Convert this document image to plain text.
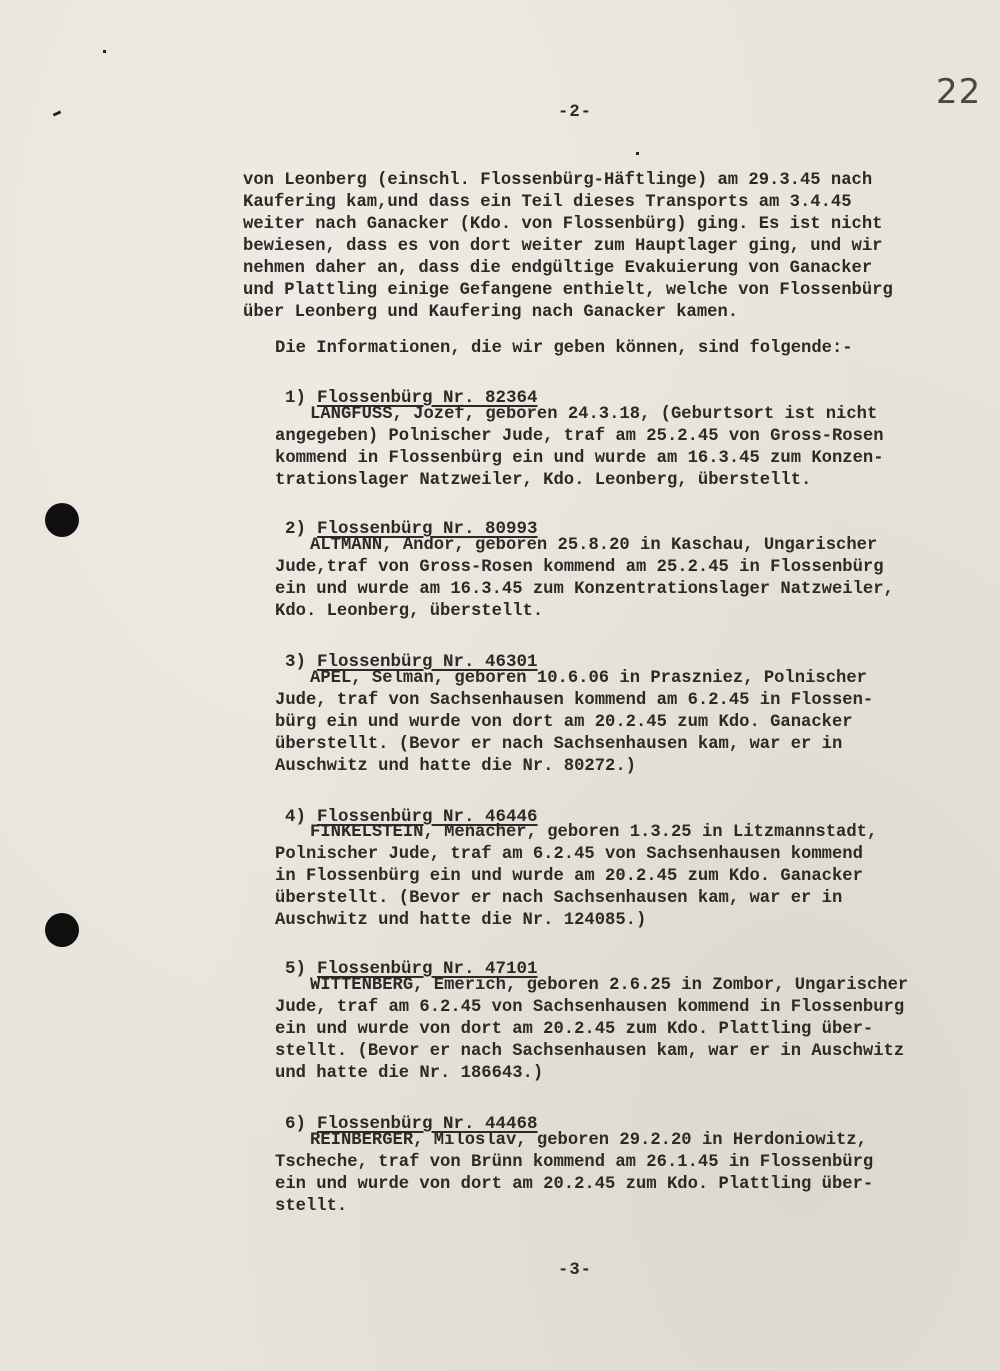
22
-2-

von Leonberg (einschl. Flossenbürg-Häftlinge) am 29.3.45 nach

Kaufering kam,und dass ein Teil dieses Transports am 3.4.45

weiter nach Ganacker (Kdo. von Flossenbürg) ging. Es ist nicht

bewiesen, dass es von dort weiter zum Hauptlager ging, und wir

nehmen daher an, dass die endgültige Evakuierung von Ganacker

und Plattling einige Gefangene enthielt, welche von Flossenbürg

über Leonberg und Kaufering nach Ganacker kamen.

Die Informationen, die wir geben können, sind folgende:-

1) Flossenbürg Nr. 82364

LANGFUSS, Jozef, geboren 24.3.18, (Geburtsort ist nicht

angegeben) Polnischer Jude, traf am 25.2.45 von Gross-Rosen

kommend in Flossenbürg ein und wurde am 16.3.45 zum Konzen-

trationslager Natzweiler, Kdo. Leonberg, überstellt.

2) Flossenbürg Nr. 80993

ALTMANN, Andor, geboren 25.8.20 in Kaschau, Ungarischer

Jude,traf von Gross-Rosen kommend am 25.2.45 in Flossenbürg

ein und wurde am 16.3.45 zum Konzentrationslager Natzweiler,

Kdo. Leonberg, überstellt.

3) Flossenbürg Nr. 46301

APEL, Selman, geboren 10.6.06 in Praszniez, Polnischer

Jude, traf von Sachsenhausen kommend am 6.2.45 in Flossen-

bürg ein und wurde von dort am 20.2.45 zum Kdo. Ganacker

überstellt. (Bevor er nach Sachsenhausen kam, war er in

Auschwitz und hatte die Nr. 80272.)

4) Flossenbürg Nr. 46446

FINKELSTEIN, Menacher, geboren 1.3.25 in Litzmannstadt,

Polnischer Jude, traf am 6.2.45 von Sachsenhausen kommend

in Flossenbürg ein und wurde am 20.2.45 zum Kdo. Ganacker

überstellt. (Bevor er nach Sachsenhausen kam, war er in

Auschwitz und hatte die Nr. 124085.)

5) Flossenbürg Nr. 47101

WITTENBERG, Emerich, geboren 2.6.25 in Zombor, Ungarischer

Jude, traf am 6.2.45 von Sachsenhausen kommend in Flossenburg

ein und wurde von dort am 20.2.45 zum Kdo. Plattling über-

stellt. (Bevor er nach Sachsenhausen kam, war er in Auschwitz

und hatte die Nr. 186643.)

6) Flossenbürg Nr. 44468

REINBERGER, Miloslav, geboren 29.2.20 in Herdoniowitz,

Tscheche, traf von Brünn kommend am 26.1.45 in Flossenbürg

ein und wurde von dort am 20.2.45 zum Kdo. Plattling über-

stellt.

-3-
